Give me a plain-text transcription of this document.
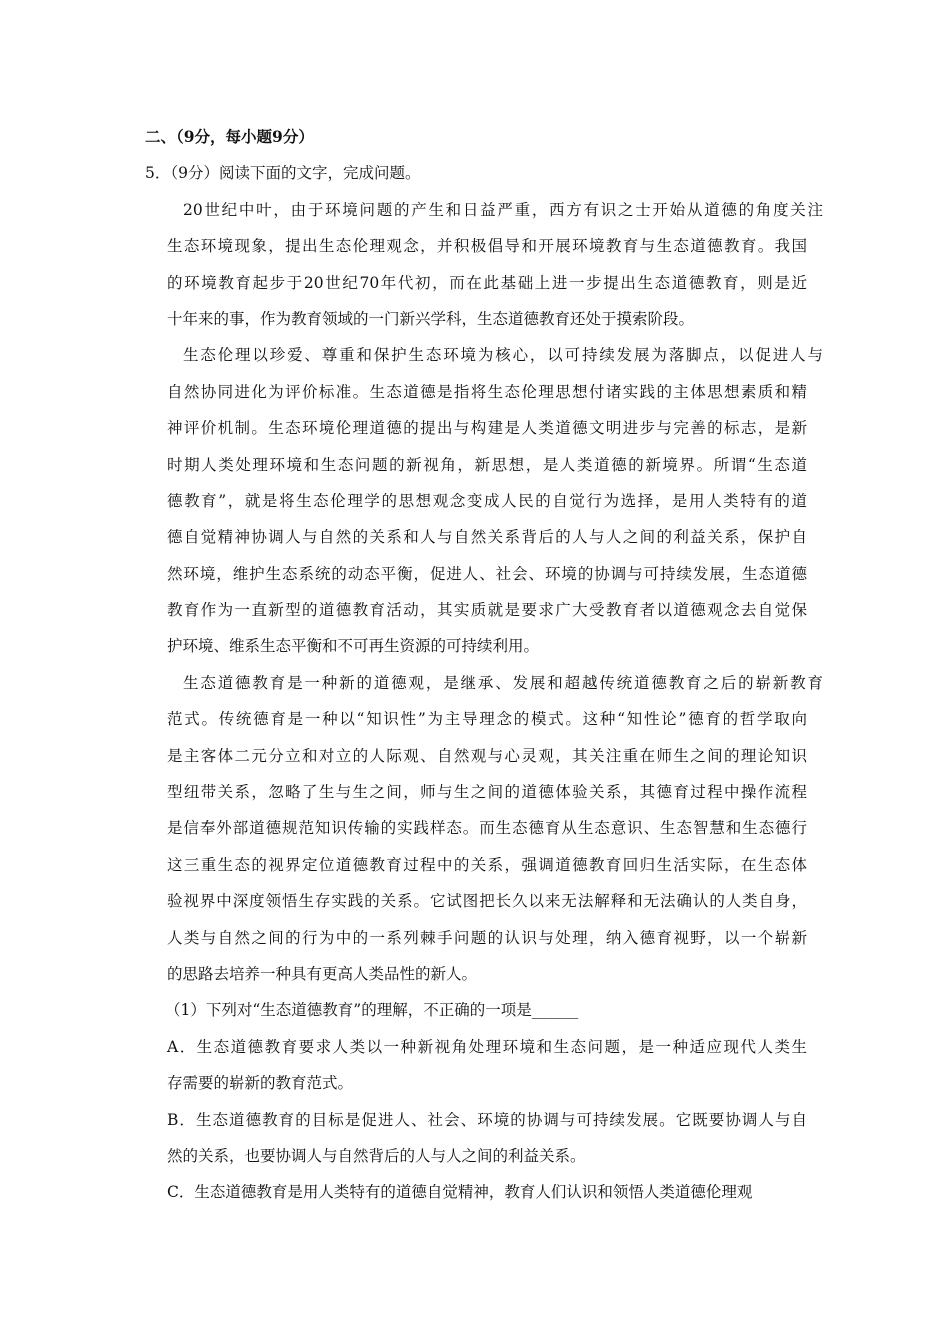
二、（9分，每小题9分）
5．（9分）阅读下面的文字，完成问题。
20世纪中叶，由于环境问题的产生和日益严重，西方有识之士开始从道德的角度关注
生态环境现象，提出生态伦理观念，并积极倡导和开展环境教育与生态道德教育。我国
的环境教育起步于20世纪70年代初，而在此基础上进一步提出生态道德教育，则是近
十年来的事，作为教育领域的一门新兴学科，生态道德教育还处于摸索阶段。
生态伦理以珍爱、尊重和保护生态环境为核心，以可持续发展为落脚点，以促进人与
自然协同进化为评价标准。生态道德是指将生态伦理思想付诸实践的主体思想素质和精
神评价机制。生态环境伦理道德的提出与构建是人类道德文明进步与完善的标志，是新
时期人类处理环境和生态问题的新视角，新思想，是人类道德的新境界。所谓“生态道
德教育”，就是将生态伦理学的思想观念变成人民的自觉行为选择，是用人类特有的道
德自觉精神协调人与自然的关系和人与自然关系背后的人与人之间的利益关系，保护自
然环境，维护生态系统的动态平衡，促进人、社会、环境的协调与可持续发展，生态道德
教育作为一直新型的道德教育活动，其实质就是要求广大受教育者以道德观念去自觉保
护环境、维系生态平衡和不可再生资源的可持续利用。
生态道德教育是一种新的道德观，是继承、发展和超越传统道德教育之后的崭新教育
范式。传统德育是一种以“知识性”为主导理念的模式。这种“知性论”德育的哲学取向
是主客体二元分立和对立的人际观、自然观与心灵观，其关注重在师生之间的理论知识
型纽带关系，忽略了生与生之间，师与生之间的道德体验关系，其德育过程中操作流程
是信奉外部道德规范知识传输的实践样态。而生态德育从生态意识、生态智慧和生态德行
这三重生态的视界定位道德教育过程中的关系，强调道德教育回归生活实际，在生态体
验视界中深度领悟生存实践的关系。它试图把长久以来无法解释和无法确认的人类自身，
人类与自然之间的行为中的一系列棘手问题的认识与处理，纳入德育视野，以一个崭新
的思路去培养一种具有更高人类品性的新人。
（1）下列对“生态道德教育”的理解，不正确的一项是______
A．生态道德教育要求人类以一种新视角处理环境和生态问题，是一种适应现代人类生
存需要的崭新的教育范式。
B．生态道德教育的目标是促进人、社会、环境的协调与可持续发展。它既要协调人与自
然的关系，也要协调人与自然背后的人与人之间的利益关系。
C．生态道德教育是用人类特有的道德自觉精神，教育人们认识和领悟人类道德伦理观
